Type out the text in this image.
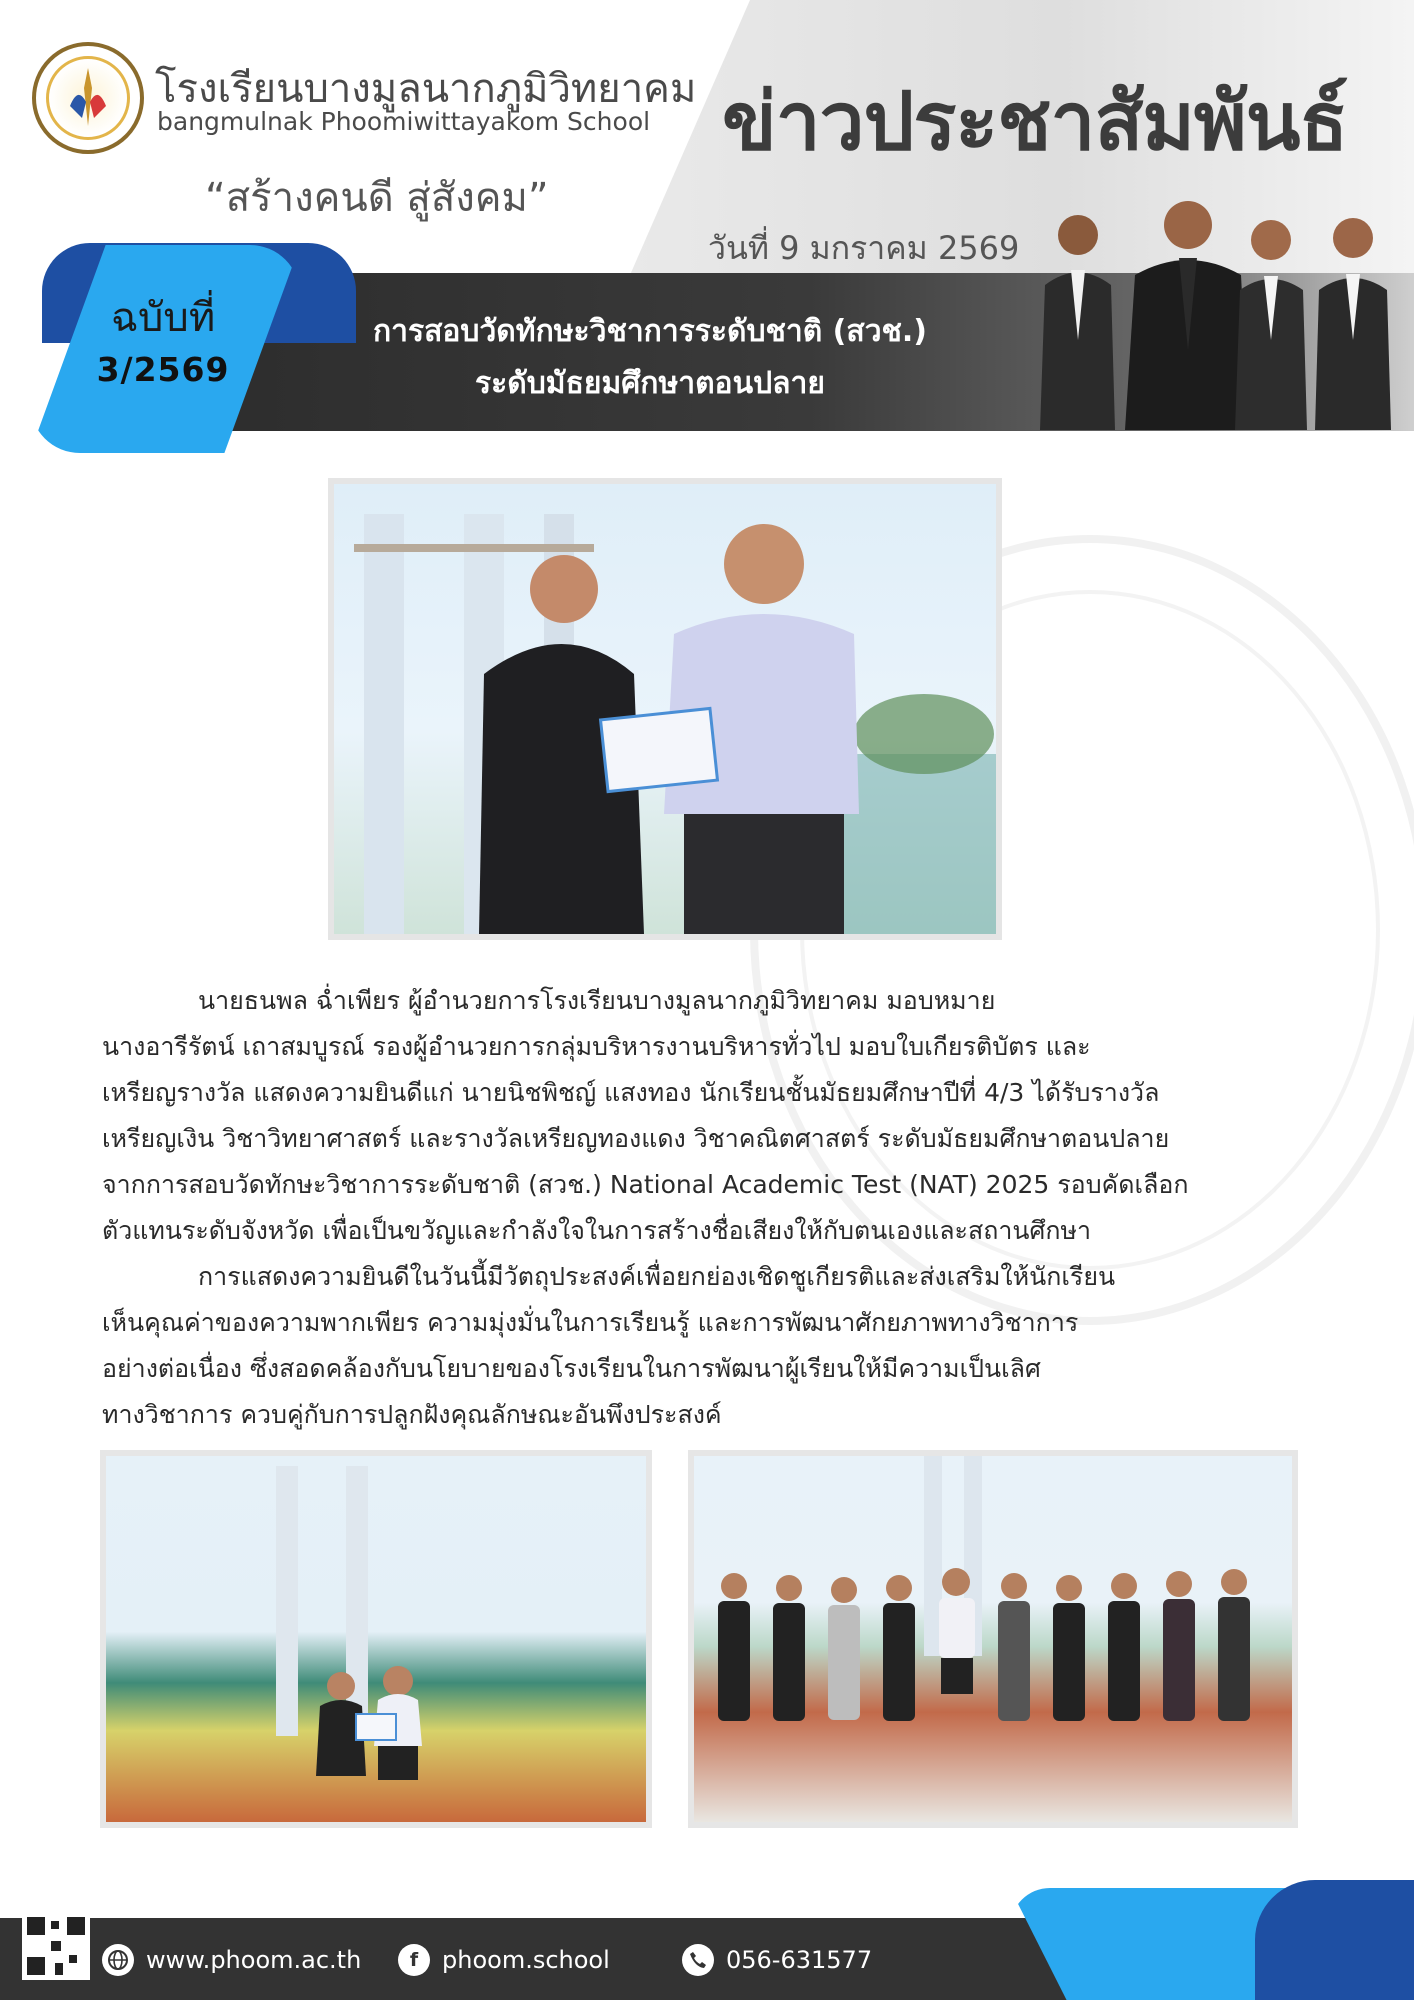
โรงเรียนบางมูลนากภูมิวิทยาคม
bangmulnak Phoomiwittayakom School
“สร้างคนดี สู่สังคม”
ข่าวประชาสัมพันธ์
วันที่ 9 มกราคม 2569
ฉบับที่
3/2569
การสอบวัดทักษะวิชาการระดับชาติ (สวช.)
ระดับมัธยมศึกษาตอนปลาย
นายธนพล ฉ่ำเพียร ผู้อำนวยการโรงเรียนบางมูลนากภูมิวิทยาคม มอบหมาย
นางอารีรัตน์ เถาสมบูรณ์ รองผู้อำนวยการกลุ่มบริหารงานบริหารทั่วไป มอบใบเกียรติบัตร และ
เหรียญรางวัล แสดงความยินดีแก่ นายนิชพิชญ์ แสงทอง นักเรียนชั้นมัธยมศึกษาปีที่ 4/3 ได้รับรางวัล
เหรียญเงิน วิชาวิทยาศาสตร์ และรางวัลเหรียญทองแดง วิชาคณิตศาสตร์ ระดับมัธยมศึกษาตอนปลาย
จากการสอบวัดทักษะวิชาการระดับชาติ (สวช.) National Academic Test (NAT) 2025 รอบคัดเลือก
ตัวแทนระดับจังหวัด เพื่อเป็นขวัญและกำลังใจในการสร้างชื่อเสียงให้กับตนเองและสถานศึกษา
การแสดงความยินดีในวันนี้มีวัตถุประสงค์เพื่อยกย่องเชิดชูเกียรติและส่งเสริมให้นักเรียน
เห็นคุณค่าของความพากเพียร ความมุ่งมั่นในการเรียนรู้ และการพัฒนาศักยภาพทางวิชาการ
อย่างต่อเนื่อง ซึ่งสอดคล้องกับนโยบายของโรงเรียนในการพัฒนาผู้เรียนให้มีความเป็นเลิศ
ทางวิชาการ ควบคู่กับการปลูกฝังคุณลักษณะอันพึงประสงค์
www.phoom.ac.th	f phoom.school	056-631577
